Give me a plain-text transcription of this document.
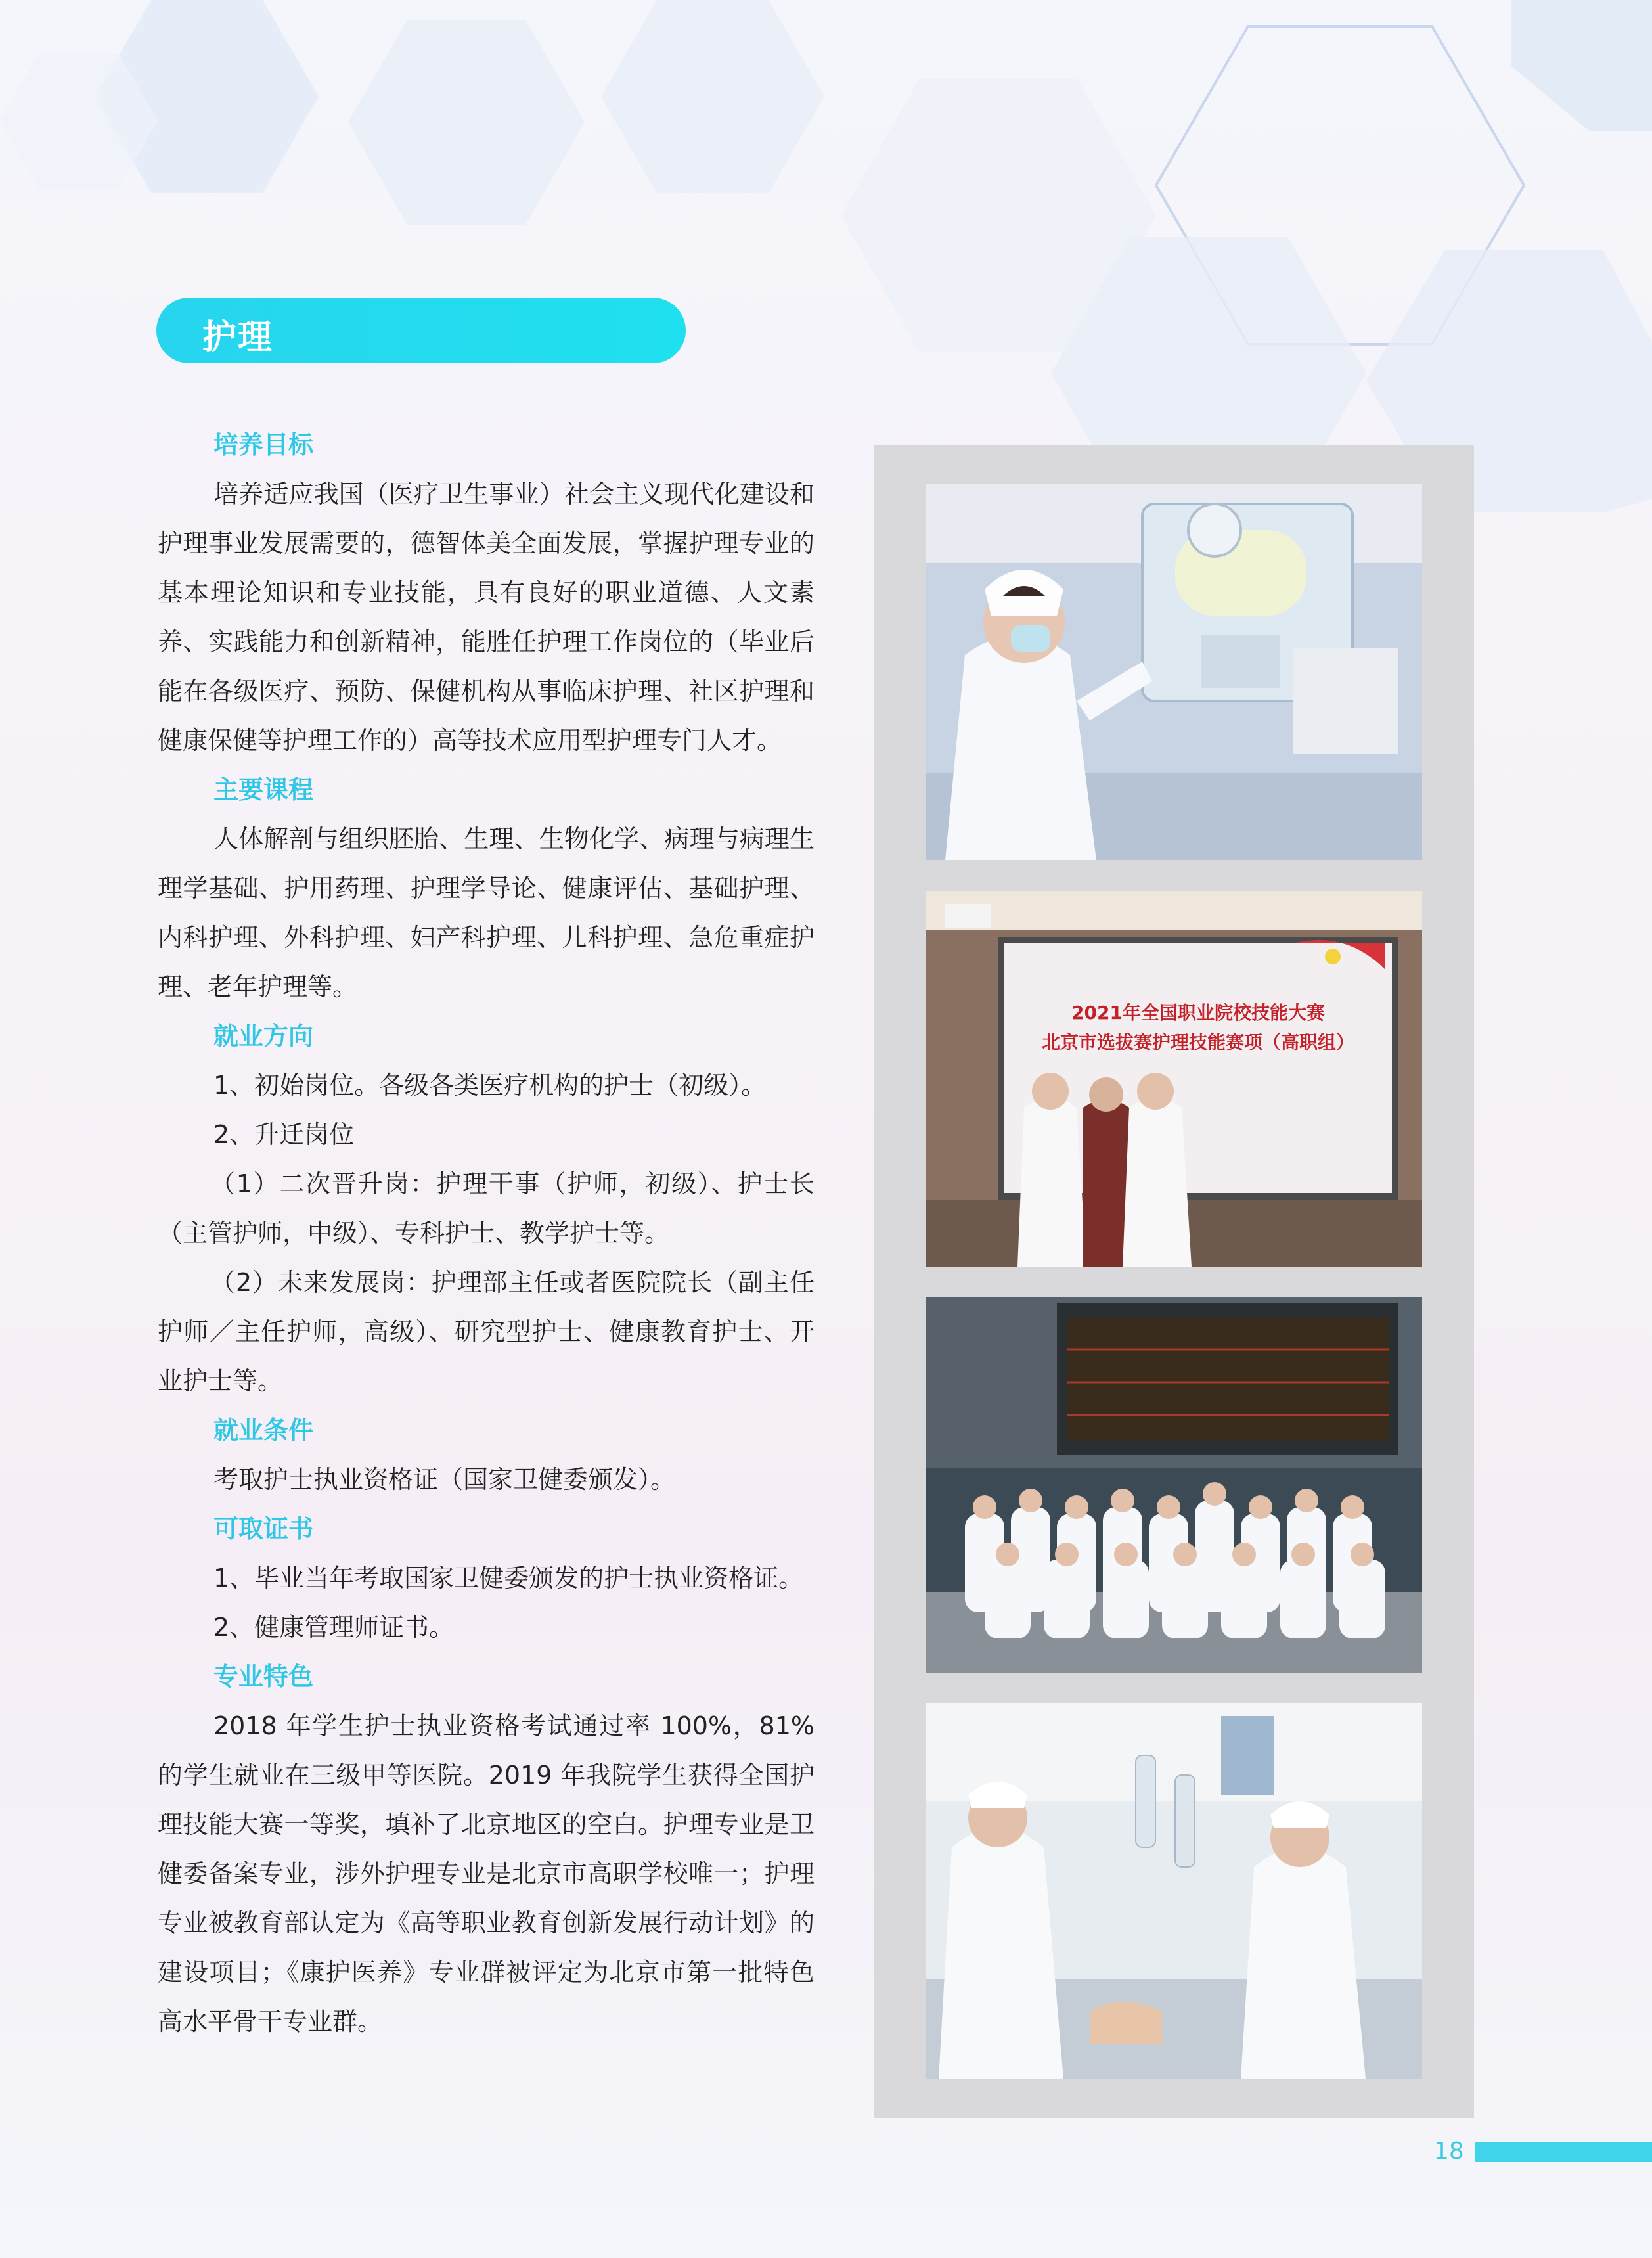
护理
培养目标

培养适应我国（医疗卫生事业）社会主义现代化建设和护理事业发展需要的，德智体美全面发展，掌握护理专业的基本理论知识和专业技能，具有良好的职业道德、人文素养、实践能力和创新精神，能胜任护理工作岗位的（毕业后能在各级医疗、预防、保健机构从事临床护理、社区护理和健康保健等护理工作的）高等技术应用型护理专门人才。

主要课程

人体解剖与组织胚胎、生理、生物化学、病理与病理生理学基础、护用药理、护理学导论、健康评估、基础护理、内科护理、外科护理、妇产科护理、儿科护理、急危重症护理、老年护理等。

就业方向
1、初始岗位。各级各类医疗机构的护士（初级）。
2、升迁岗位

（1）二次晋升岗：护理干事（护师，初级）、护士长（主管护师，中级）、专科护士、教学护士等。

（2）未来发展岗：护理部主任或者医院院长（副主任护师／主任护师，高级）、研究型护士、健康教育护士、开业护士等。

就业条件
考取护士执业资格证（国家卫健委颁发）。
可取证书
1、毕业当年考取国家卫健委颁发的护士执业资格证。
2、健康管理师证书。
专业特色

2018 年学生护士执业资格考试通过率 100%，81% 的学生就业在三级甲等医院。2019 年我院学生获得全国护理技能大赛一等奖，填补了北京地区的空白。护理专业是卫健委备案专业，涉外护理专业是北京市高职学校唯一；护理专业被教育部认定为《高等职业教育创新发展行动计划》的建设项目；《康护医养》专业群被评定为北京市第一批特色高水平骨干专业群。

2021年全国职业院校技能大赛
北京市选拔赛护理技能赛项（高职组）
18
